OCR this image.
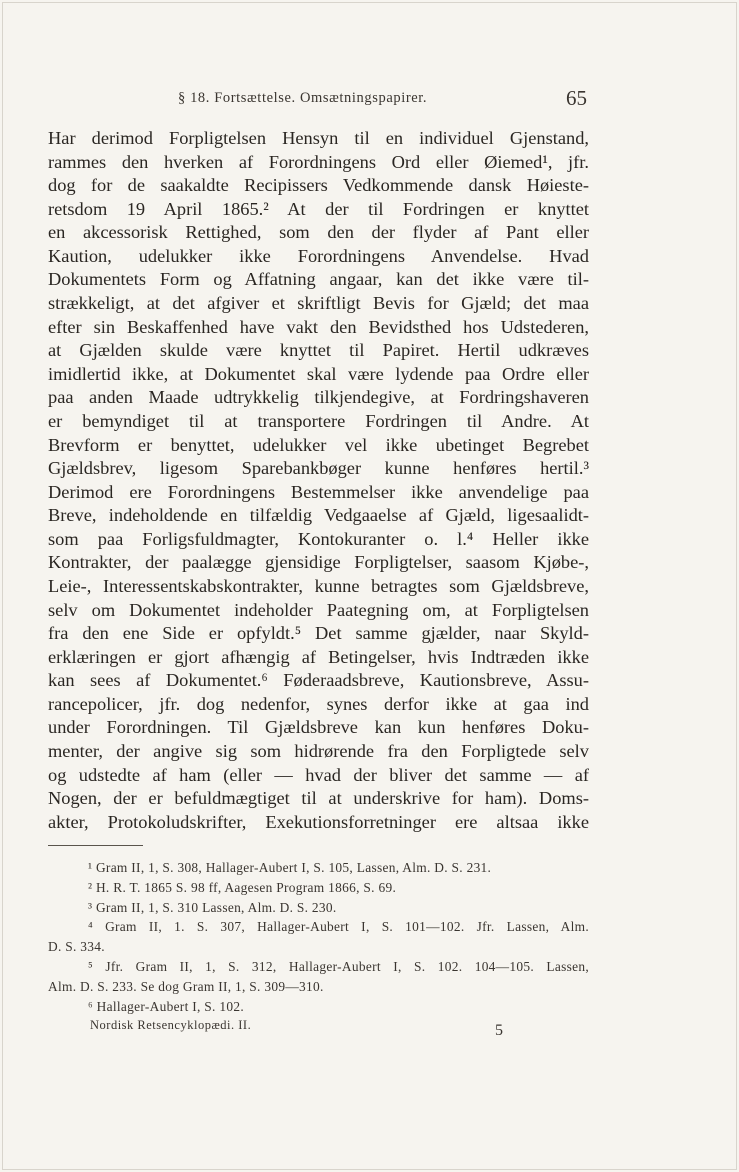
§ 18. Fortsættelse. Omsætningspapirer.	65
Har derimod Forpligtelsen Hensyn til en individuel Gjenstand,
rammes den hverken af Forordningens Ord eller Øiemed¹, jfr.
dog for de saakaldte Recipissers Vedkommende dansk Høieste-
retsdom 19 April 1865.² At der til Fordringen er knyttet
en akcessorisk Rettighed, som den der flyder af Pant eller
Kaution, udelukker ikke Forordningens Anvendelse. Hvad
Dokumentets Form og Affatning angaar, kan det ikke være til-
strækkeligt, at det afgiver et skriftligt Bevis for Gjæld; det maa
efter sin Beskaffenhed have vakt den Bevidsthed hos Udstederen,
at Gjælden skulde være knyttet til Papiret. Hertil udkræves
imidlertid ikke, at Dokumentet skal være lydende paa Ordre eller
paa anden Maade udtrykkelig tilkjendegive, at Fordringshaveren
er bemyndiget til at transportere Fordringen til Andre. At
Brevform er benyttet, udelukker vel ikke ubetinget Begrebet
Gjældsbrev, ligesom Sparebankbøger kunne henføres hertil.³
Derimod ere Forordningens Bestemmelser ikke anvendelige paa
Breve, indeholdende en tilfældig Vedgaaelse af Gjæld, ligesaalidt-
som paa Forligsfuldmagter, Kontokuranter o. l.⁴ Heller ikke
Kontrakter, der paalægge gjensidige Forpligtelser, saasom Kjøbe-,
Leie-, Interessentskabskontrakter, kunne betragtes som Gjældsbreve,
selv om Dokumentet indeholder Paategning om, at Forpligtelsen
fra den ene Side er opfyldt.⁵ Det samme gjælder, naar Skyld-
erklæringen er gjort afhængig af Betingelser, hvis Indtræden ikke
kan sees af Dokumentet.⁶ Føderaadsbreve, Kautionsbreve, Assu-
rancepolicer, jfr. dog nedenfor, synes derfor ikke at gaa ind
under Forordningen. Til Gjældsbreve kan kun henføres Doku-
menter, der angive sig som hidrørende fra den Forpligtede selv
og udstedte af ham (eller — hvad der bliver det samme — af
Nogen, der er befuldmægtiget til at underskrive for ham). Doms-
akter, Protokoludskrifter, Exekutionsforretninger ere altsaa ikke
¹ Gram II, 1, S. 308, Hallager-Aubert I, S. 105, Lassen, Alm. D. S. 231.
² H. R. T. 1865 S. 98 ff, Aagesen Program 1866, S. 69.
³ Gram II, 1, S. 310 Lassen, Alm. D. S. 230.
⁴ Gram II, 1. S. 307, Hallager-Aubert I, S. 101—102. Jfr. Lassen, Alm.
D. S. 334.
⁵ Jfr. Gram II, 1, S. 312, Hallager-Aubert I, S. 102. 104—105. Lassen,
Alm. D. S. 233. Se dog Gram II, 1, S. 309—310.
⁶ Hallager-Aubert I, S. 102.
Nordisk Retsencyklopædi. II.	5
